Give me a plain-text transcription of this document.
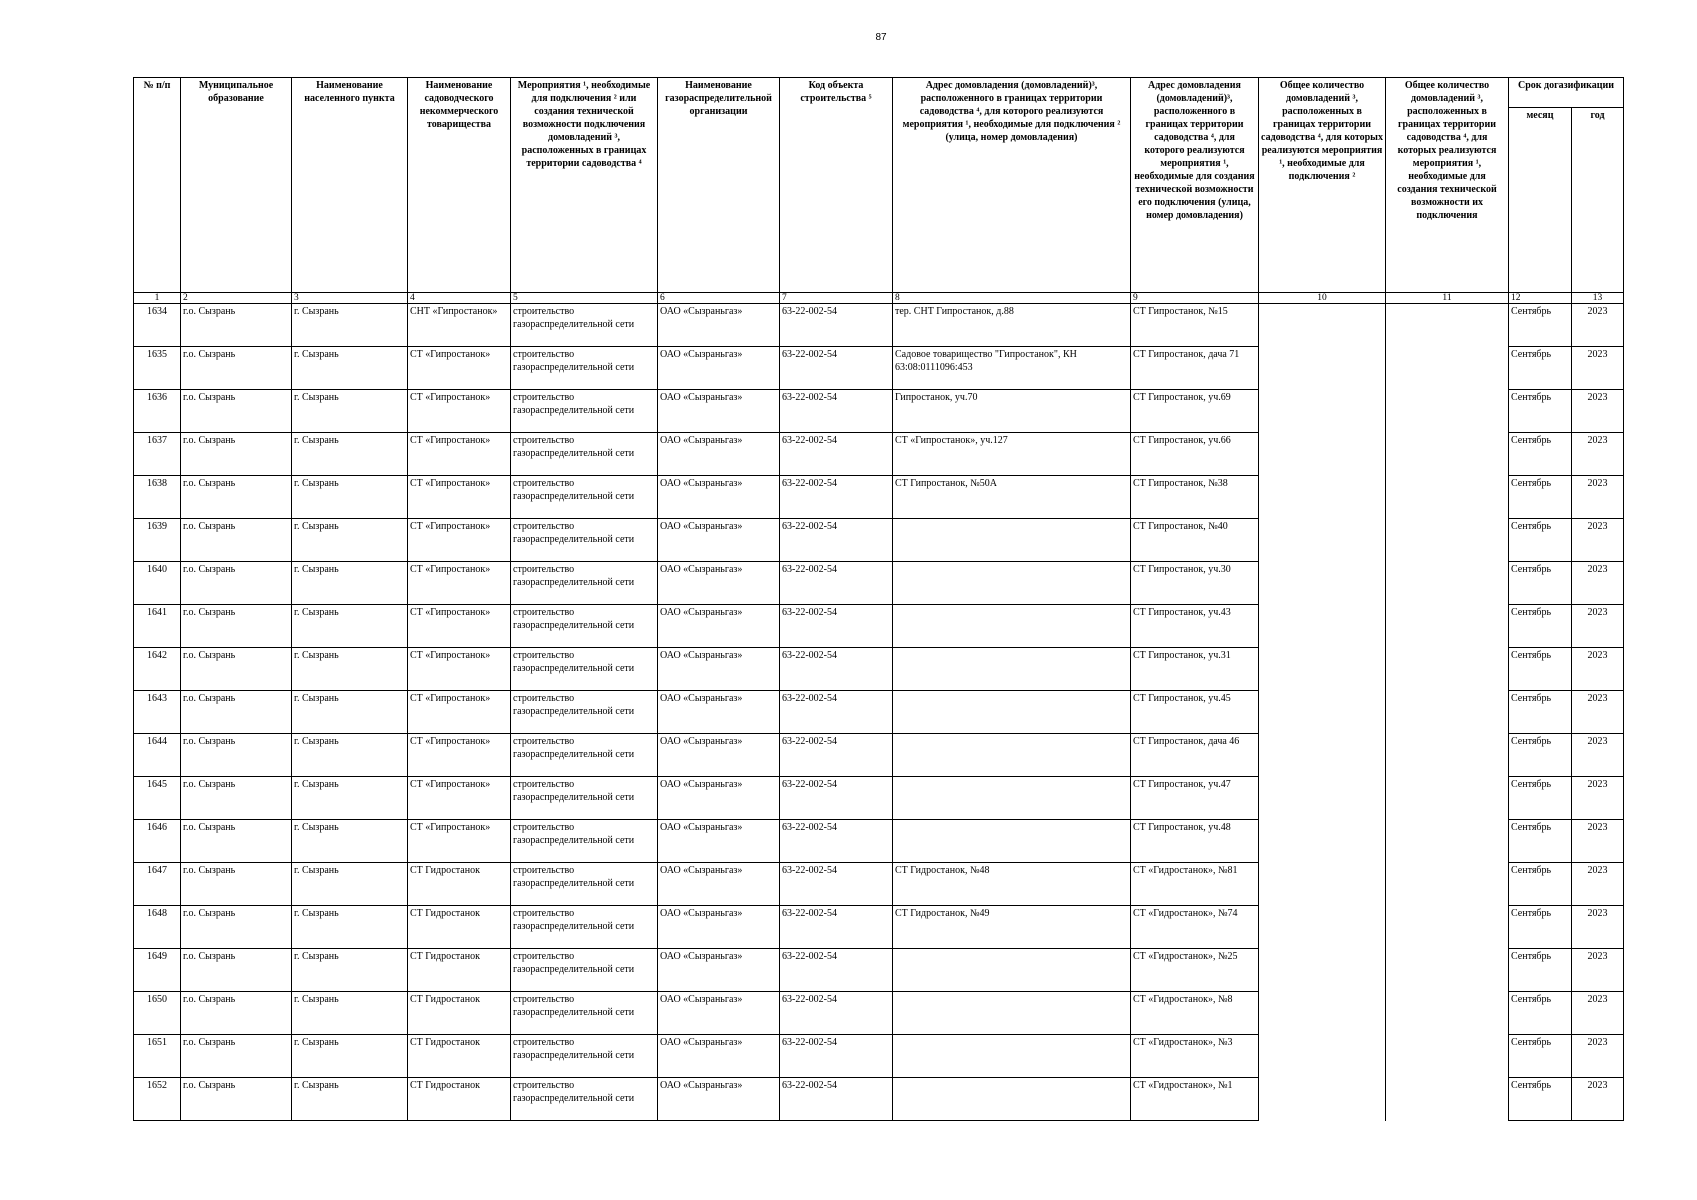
87
№ п/п	Муниципальное образование	Наименование населенного пункта	Наименование садоводческого некоммерческого товарищества	Мероприятия ¹, необходимые для подключения ² или создания технической возможности подключения домовладений ³, расположенных в границах территории садоводства ⁴	Наименование газораспределительной организации	Код объекта строительства ⁵	Адрес домовладения (домовладений)³, расположенного в границах территории садоводства ⁴, для которого реализуются мероприятия ¹, необходимые для подключения ² (улица, номер домовладения)	Адрес домовладения (домовладений)³, расположенного в границах территории садоводства ⁴, для которого реализуются мероприятия ¹, необходимые для создания технической возможности его подключения (улица, номер домовладения)	Общее количество домовладений ³, расположенных в границах территории садоводства ⁴, для которых реализуются мероприятия ¹, необходимые для подключения ²	Общее количество домовладений ³, расположенных в границах территории садоводства ⁴, для которых реализуются мероприятия ¹, необходимые для создания технической возможности их подключения	Срок догазификации	
											месяц	год
1	2	3	4	5	6	7	8	9	10	11	12	13
1634	г.о. Сызрань	г. Сызрань	СНТ «Гипростанок»	строительство газораспределительной сети	ОАО «Сызраньгаз»	63-22-002-54	тер. СНТ Гипростанок, д.88	СТ Гипростанок, №15			Сентябрь	2023
1635	г.о. Сызрань	г. Сызрань	СТ «Гипростанок»	строительство газораспределительной сети	ОАО «Сызраньгаз»	63-22-002-54	Садовое товарищество "Гипростанок", КН 63:08:0111096:453	СТ Гипростанок, дача 71			Сентябрь	2023
1636	г.о. Сызрань	г. Сызрань	СТ «Гипростанок»	строительство газораспределительной сети	ОАО «Сызраньгаз»	63-22-002-54	Гипростанок, уч.70	СТ Гипростанок, уч.69			Сентябрь	2023
1637	г.о. Сызрань	г. Сызрань	СТ «Гипростанок»	строительство газораспределительной сети	ОАО «Сызраньгаз»	63-22-002-54	СТ «Гипростанок», уч.127	СТ Гипростанок, уч.66			Сентябрь	2023
1638	г.о. Сызрань	г. Сызрань	СТ «Гипростанок»	строительство газораспределительной сети	ОАО «Сызраньгаз»	63-22-002-54	СТ Гипростанок, №50А	СТ Гипростанок, №38			Сентябрь	2023
1639	г.о. Сызрань	г. Сызрань	СТ «Гипростанок»	строительство газораспределительной сети	ОАО «Сызраньгаз»	63-22-002-54		СТ Гипростанок, №40			Сентябрь	2023
1640	г.о. Сызрань	г. Сызрань	СТ «Гипростанок»	строительство газораспределительной сети	ОАО «Сызраньгаз»	63-22-002-54		СТ Гипростанок, уч.30			Сентябрь	2023
1641	г.о. Сызрань	г. Сызрань	СТ «Гипростанок»	строительство газораспределительной сети	ОАО «Сызраньгаз»	63-22-002-54		СТ Гипростанок, уч.43			Сентябрь	2023
1642	г.о. Сызрань	г. Сызрань	СТ «Гипростанок»	строительство газораспределительной сети	ОАО «Сызраньгаз»	63-22-002-54		СТ Гипростанок, уч.31			Сентябрь	2023
1643	г.о. Сызрань	г. Сызрань	СТ «Гипростанок»	строительство газораспределительной сети	ОАО «Сызраньгаз»	63-22-002-54		СТ Гипростанок, уч.45			Сентябрь	2023
1644	г.о. Сызрань	г. Сызрань	СТ «Гипростанок»	строительство газораспределительной сети	ОАО «Сызраньгаз»	63-22-002-54		СТ Гипростанок, дача 46			Сентябрь	2023
1645	г.о. Сызрань	г. Сызрань	СТ «Гипростанок»	строительство газораспределительной сети	ОАО «Сызраньгаз»	63-22-002-54		СТ Гипростанок, уч.47			Сентябрь	2023
1646	г.о. Сызрань	г. Сызрань	СТ «Гипростанок»	строительство газораспределительной сети	ОАО «Сызраньгаз»	63-22-002-54		СТ Гипростанок, уч.48			Сентябрь	2023
1647	г.о. Сызрань	г. Сызрань	СТ Гидростанок	строительство газораспределительной сети	ОАО «Сызраньгаз»	63-22-002-54	СТ Гидростанок, №48	СТ «Гидростанок», №81			Сентябрь	2023
1648	г.о. Сызрань	г. Сызрань	СТ Гидростанок	строительство газораспределительной сети	ОАО «Сызраньгаз»	63-22-002-54	СТ Гидростанок, №49	СТ «Гидростанок», №74			Сентябрь	2023
1649	г.о. Сызрань	г. Сызрань	СТ Гидростанок	строительство газораспределительной сети	ОАО «Сызраньгаз»	63-22-002-54		СТ «Гидростанок», №25			Сентябрь	2023
1650	г.о. Сызрань	г. Сызрань	СТ Гидростанок	строительство газораспределительной сети	ОАО «Сызраньгаз»	63-22-002-54		СТ «Гидростанок», №8			Сентябрь	2023
1651	г.о. Сызрань	г. Сызрань	СТ Гидростанок	строительство газораспределительной сети	ОАО «Сызраньгаз»	63-22-002-54		СТ «Гидростанок», №3			Сентябрь	2023
1652	г.о. Сызрань	г. Сызрань	СТ Гидростанок	строительство газораспределительной сети	ОАО «Сызраньгаз»	63-22-002-54		СТ «Гидростанок», №1			Сентябрь	2023
